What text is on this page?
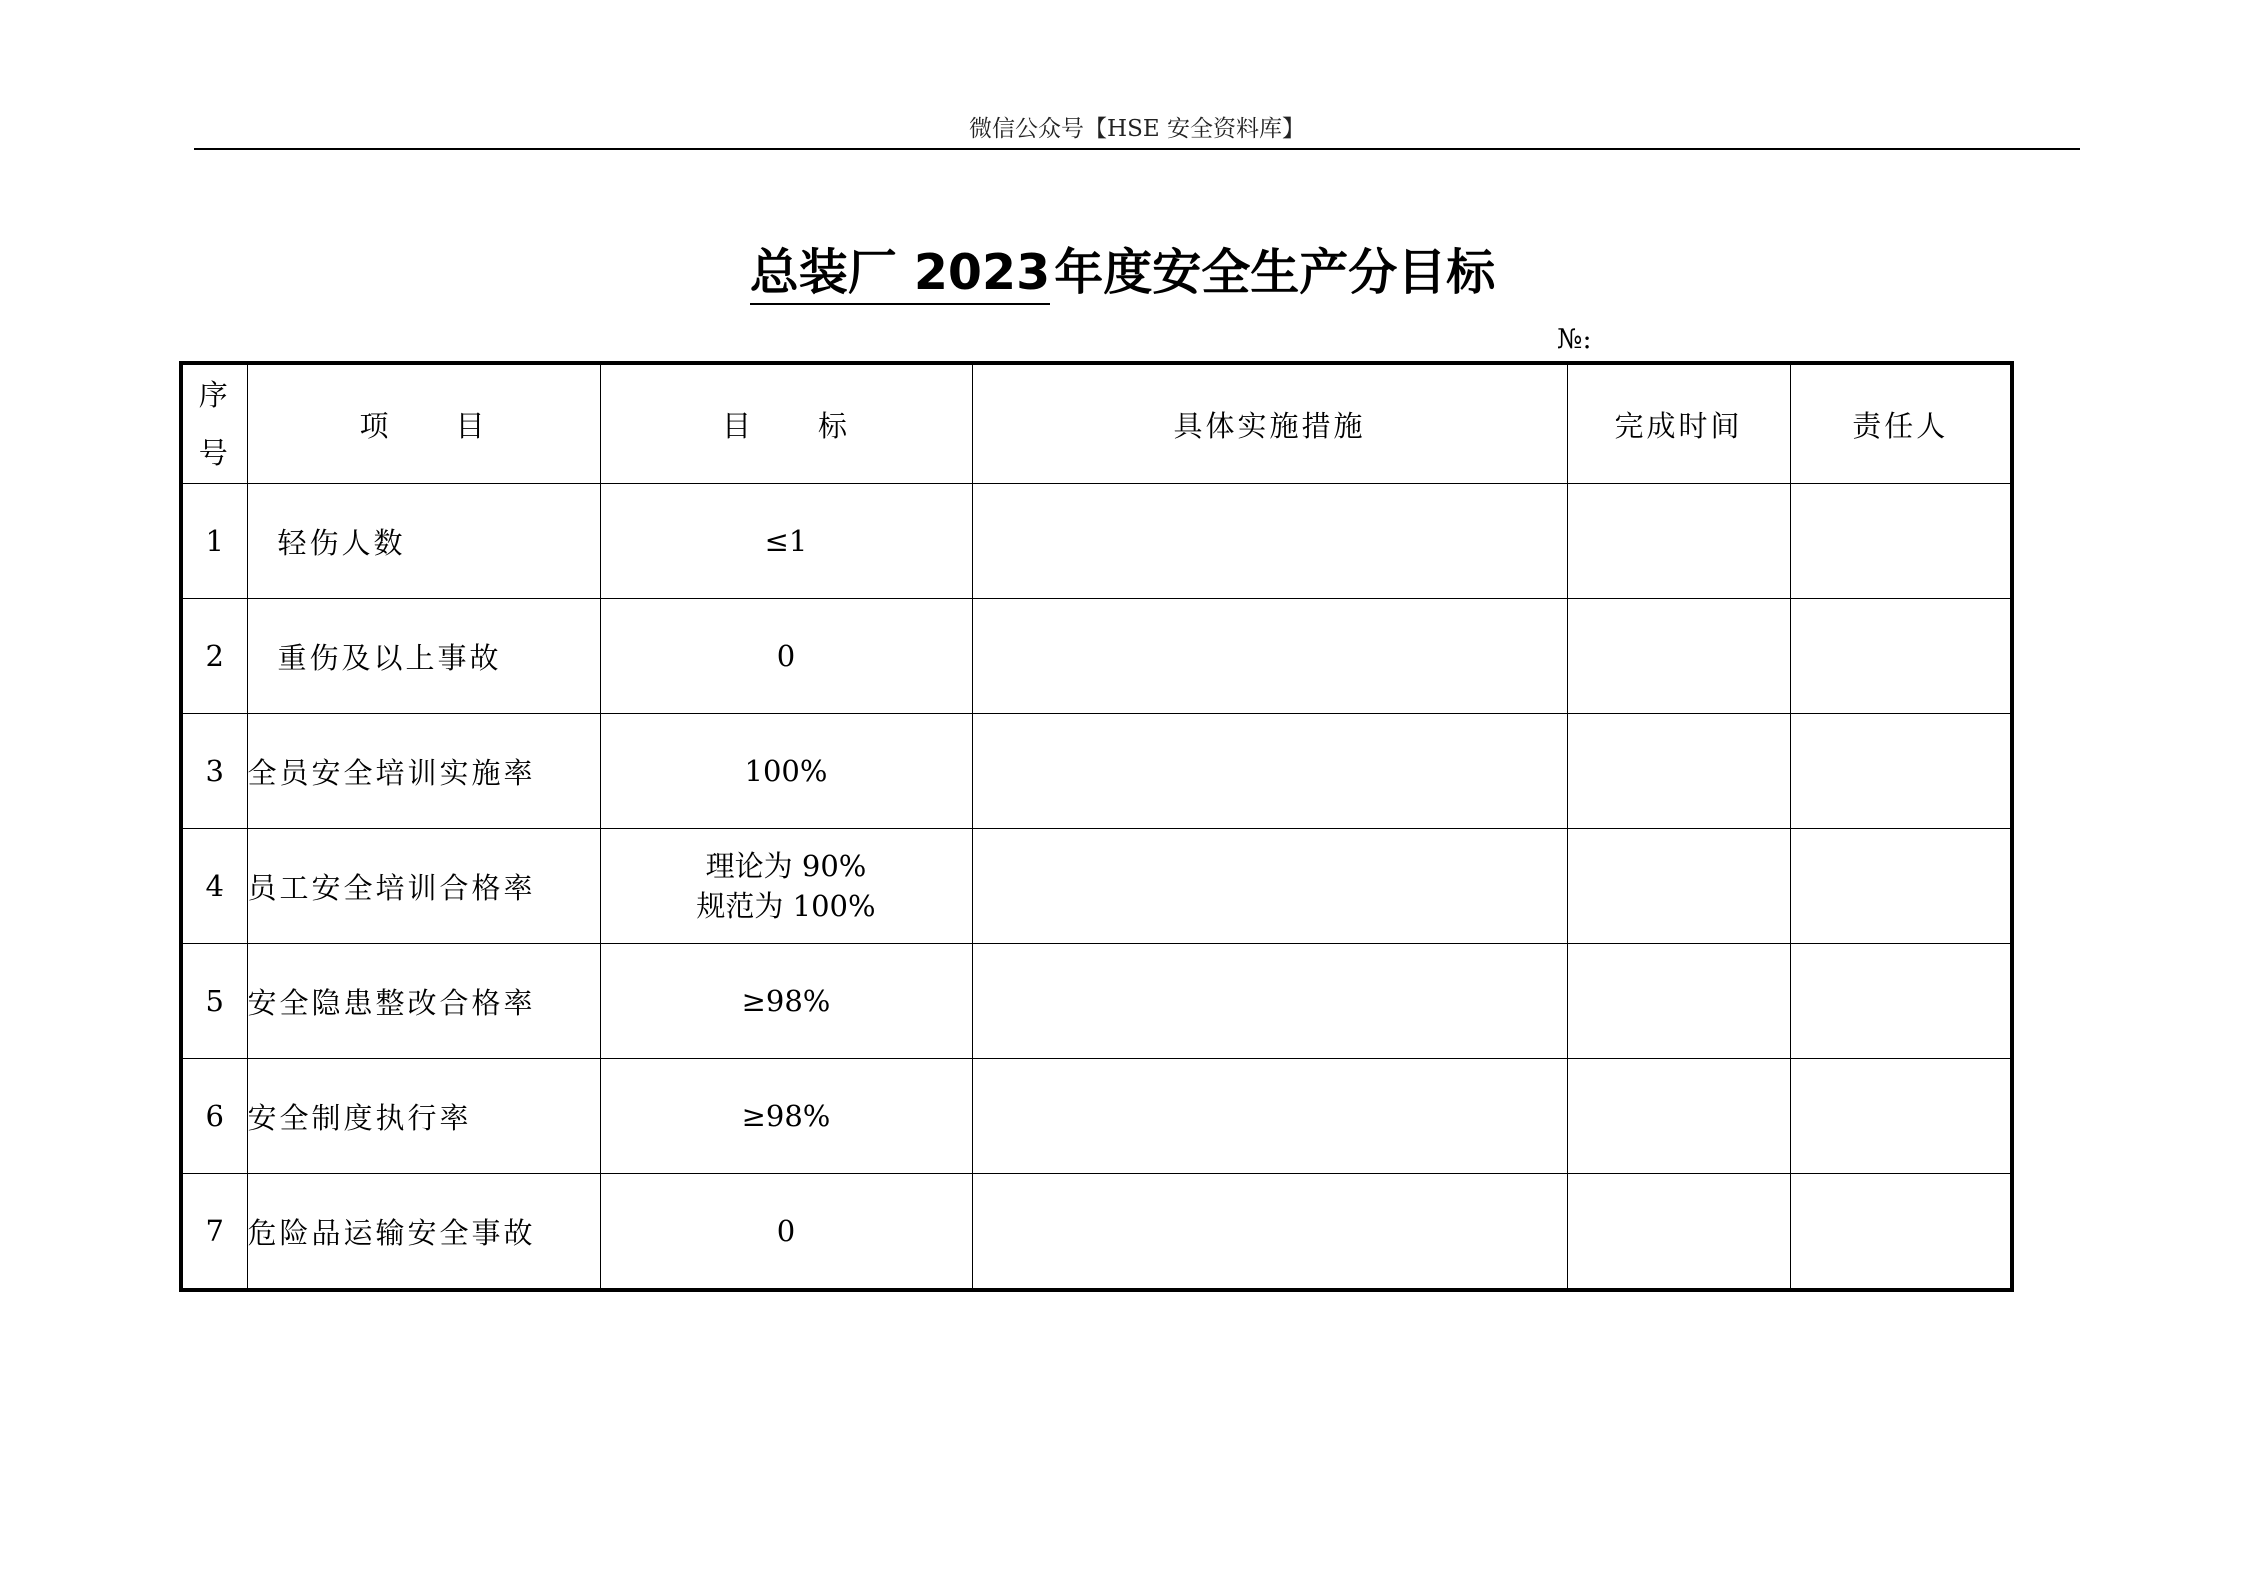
微信公众号【HSE 安全资料库】
总装厂 2023年度安全生产分目标
№:
序
号	项　　目	目　　标	具体实施措施	完成时间	责任人
1	轻伤人数	≤1			

2	重伤及以上事故	0			

3	全员安全培训实施率	100%			

4	员工安全培训合格率	理论为 90%
规范为 100%			

5	安全隐患整改合格率	≥98%			

6	安全制度执行率	≥98%			

7	危险品运输安全事故	0			
